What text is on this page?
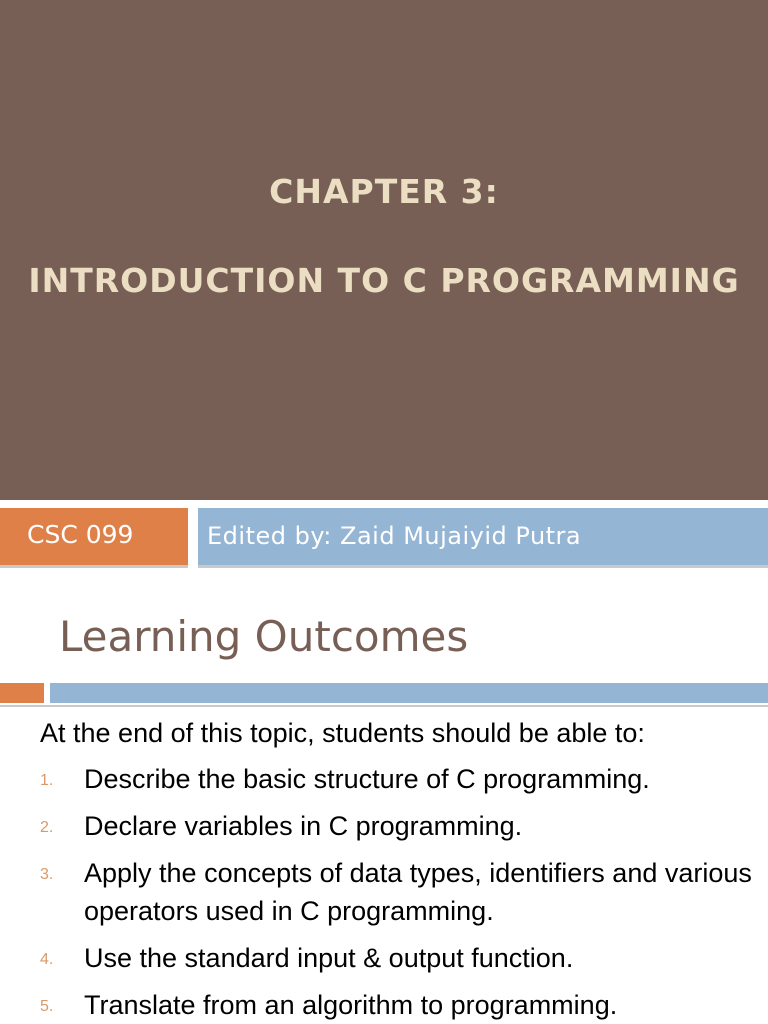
CHAPTER 3:
INTRODUCTION TO C PROGRAMMING
CSC 099	Edited by: Zaid Mujaiyid Putra
Learning Outcomes
At the end of this topic, students should be able to:
1. Describe the basic structure of C programming.
2. Declare variables in C programming.
3. Apply the concepts of data types, identifiers and various operators used in C programming.
4. Use the standard input & output function.
5. Translate from an algorithm to programming.
